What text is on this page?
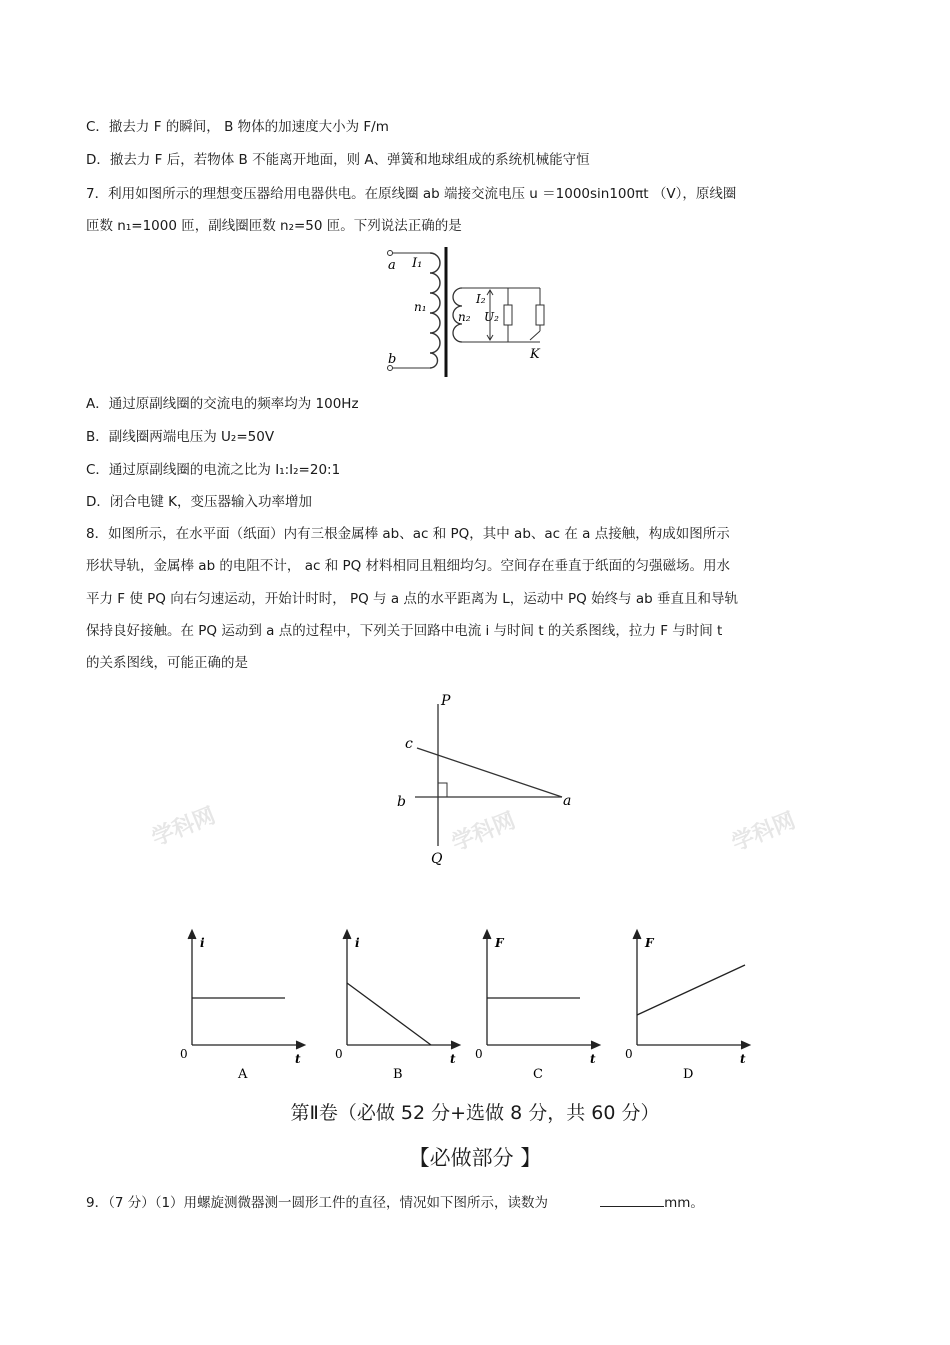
学科网	学科网	学科网
C．撤去力 F 的瞬间， B 物体的加速度大小为 F/m
D．撤去力 F 后，若物体 B 不能离开地面，则 A、弹簧和地球组成的系统机械能守恒
7．利用如图所示的理想变压器给用电器供电。在原线圈 ab 端接交流电压 u ＝1000sin100πt （V），原线圈
匝数 n₁=1000 匝，副线圈匝数 n₂=50 匝。下列说法正确的是
a
b
I₁
n₁
n₂
I₂
U₂
K
A．通过原副线圈的交流电的频率均为 100Hz
B．副线圈两端电压为 U₂=50V
C．通过原副线圈的电流之比为 I₁:I₂=20:1
D．闭合电键 K，变压器输入功率增加
8．如图所示，在水平面（纸面）内有三根金属棒 ab、ac 和 PQ，其中 ab、ac 在 a 点接触，构成如图所示
形状导轨，金属棒 ab 的电阻不计， ac 和 PQ 材料相同且粗细均匀。空间存在垂直于纸面的匀强磁场。用水
平力 F 使 PQ 向右匀速运动，开始计时时， PQ 与 a 点的水平距离为 L，运动中 PQ 始终与 ab 垂直且和导轨
保持良好接触。在 PQ 运动到 a 点的过程中，下列关于回路中电流 i 与时间 t 的关系图线，拉力 F 与时间 t
的关系图线，可能正确的是
P
Q
c
b	a
i
0	t
A
i
0	t
B
F
0	t
C
F
0	t
D
第Ⅱ卷（必做 52 分+选做 8 分，共 60 分）
【必做部分 】
9．（7 分）（1）用螺旋测微器测一圆形工件的直径，情况如下图所示，读数为	mm。
